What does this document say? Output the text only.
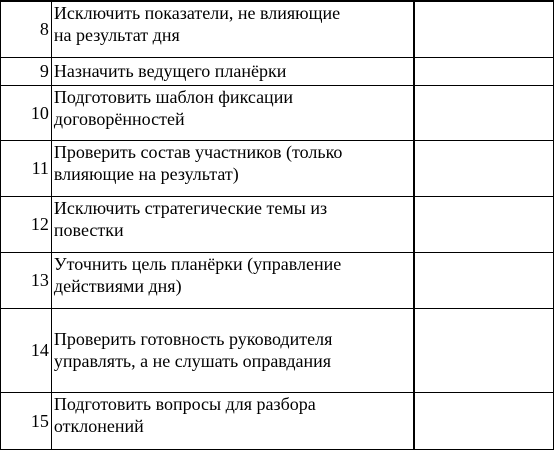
8	Исключить показатели, не влияющие
на результат дня	

9	Назначить ведущего планёрки	

10	Подготовить шаблон фиксации
договорённостей	

11	Проверить состав участников (только
влияющие на результат)	

12	Исключить стратегические темы из
повестки	

13	Уточнить цель планёрки (управление
действиями дня)	

14	Проверить готовность руководителя
управлять, а не слушать оправдания	

15	Подготовить вопросы для разбора
отклонений	
